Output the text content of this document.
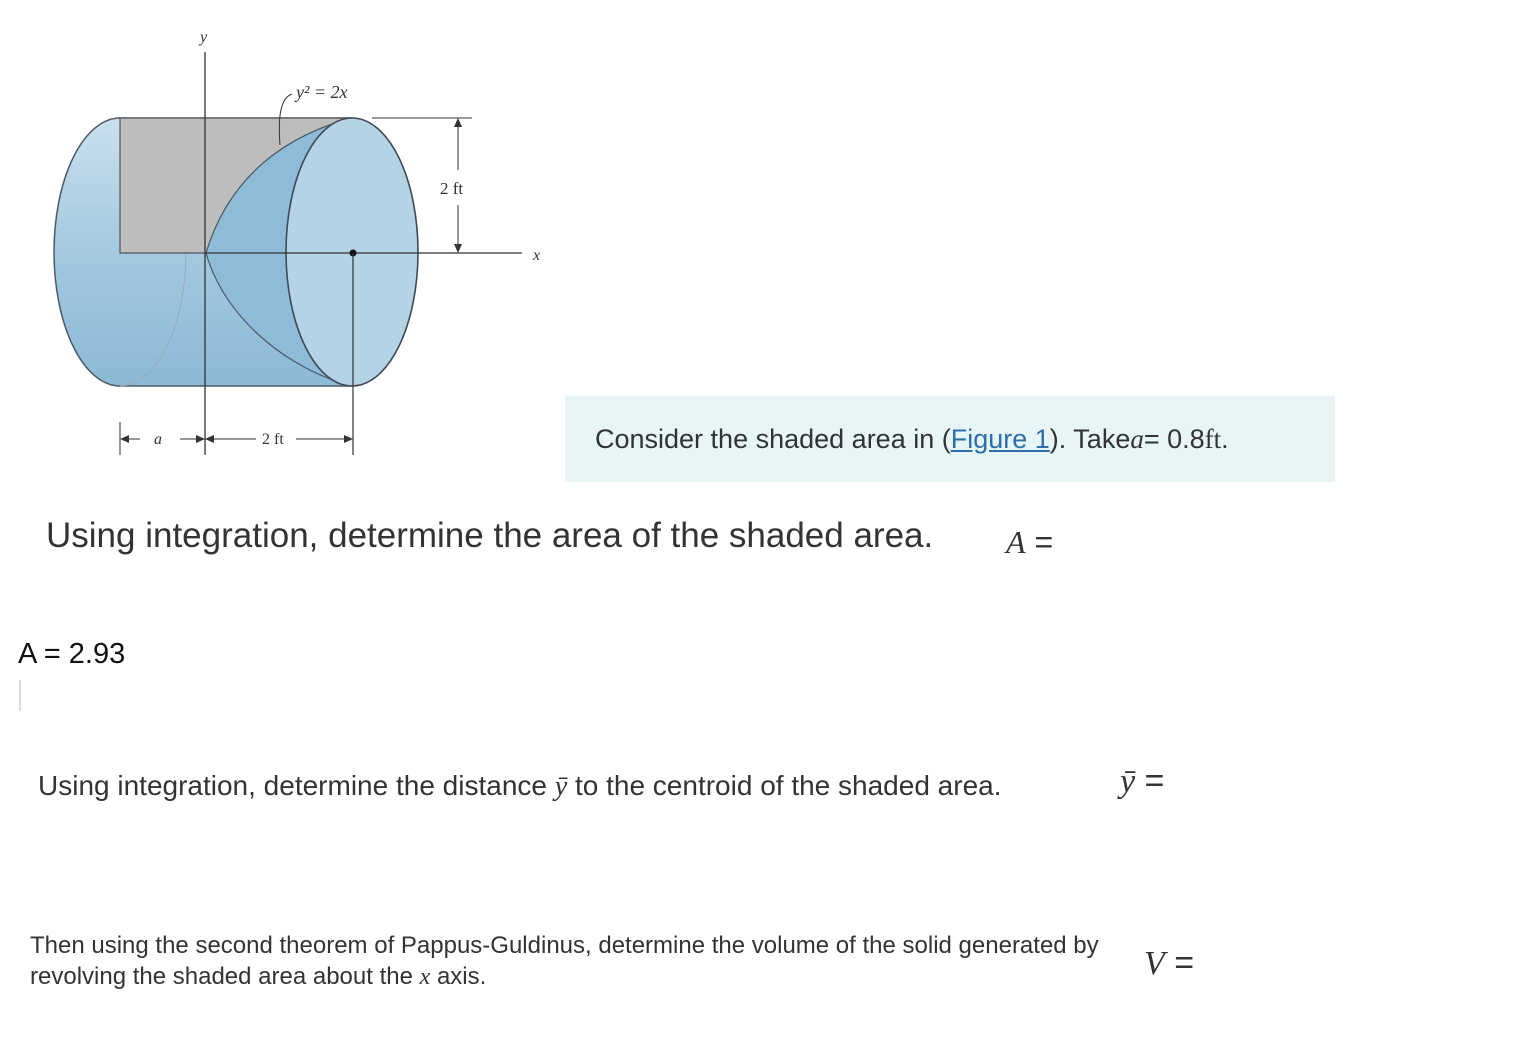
y
x
y² = 2x
2 ft
a	2 ft	Consider the shaded area in ( Figure 1 ). Take a = 0.8 ft .
Using integration, determine the area of the shaded area. A =
A = 2.93
Using integration, determine the distance ȳ to the centroid of the shaded area.	ȳ =
Then using the second theorem of Pappus-Guldinus, determine the volume of the solid generated by revolving the shaded area about the x axis.	V =
